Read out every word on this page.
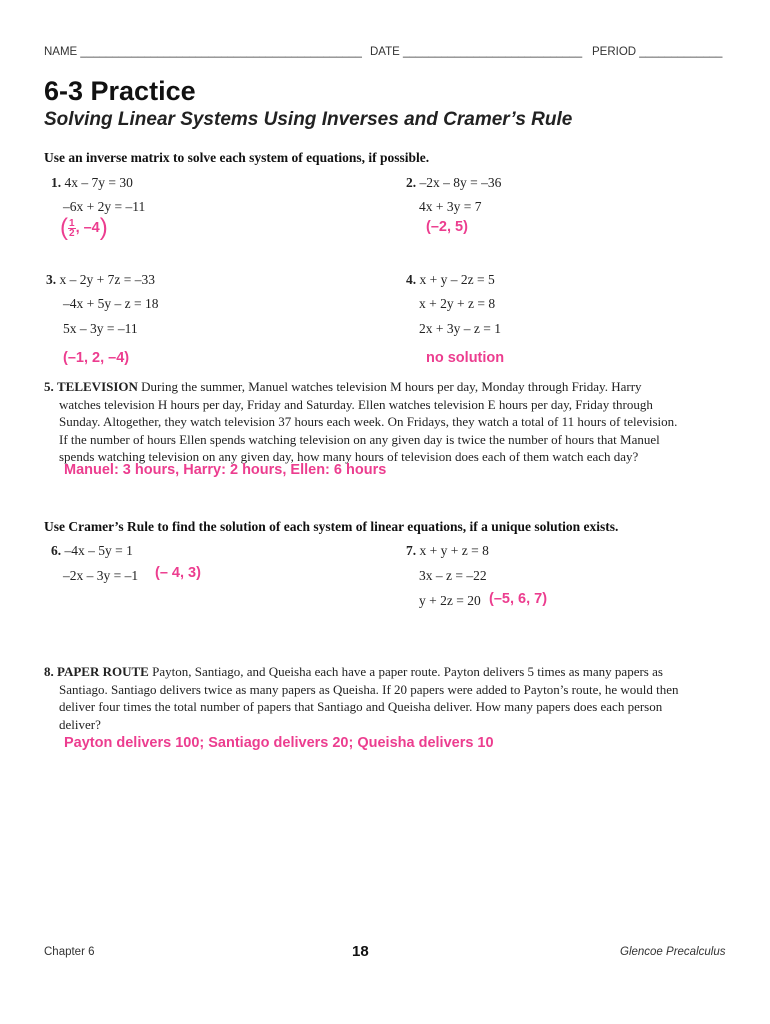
NAME ____________________________________________ DATE ____________________________ PERIOD _____________
6-3 Practice
Solving Linear Systems Using Inverses and Cramer’s Rule
Use an inverse matrix to solve each system of equations, if possible.
1. 4x – 7y = 30
–6x + 2y = –11
( $\frac{1}{2}$ , –4)
2. –2x – 8y = –36
4x + 3y = 7
(–2, 5)
3. x – 2y + 7z = –33
–4x + 5y – z = 18
5x – 3y = –11
(–1, 2, –4)
4. x + y – 2z = 5
x + 2y + z = 8
2x + 3y – z = 1
no solution
5. TELEVISION During the summer, Manuel watches television M hours per day, Monday through Friday. Harry
watches television H hours per day, Friday and Saturday. Ellen watches television E hours per day, Friday through
Sunday. Altogether, they watch television 37 hours each week. On Fridays, they watch a total of 11 hours of television.
If the number of hours Ellen spends watching television on any given day is twice the number of hours that Manuel
spends watching television on any given day, how many hours of television does each of them watch each day?
Manuel: 3 hours, Harry: 2 hours, Ellen: 6 hours
Use Cramer’s Rule to find the solution of each system of linear equations, if a unique solution exists.
6. –4x – 5y = 1
–2x – 3y = –1 (– 4, 3)
7. x + y + z = 8
3x – z = –22
y + 2z = 20 (–5, 6, 7)
8. PAPER ROUTE Payton, Santiago, and Queisha each have a paper route. Payton delivers 5 times as many papers as
Santiago. Santiago delivers twice as many papers as Queisha. If 20 papers were added to Payton’s route, he would then
deliver four times the total number of papers that Santiago and Queisha deliver. How many papers does each person
deliver?
Payton delivers 100; Santiago delivers 20; Queisha delivers 10
Chapter 6	18	Glencoe Precalculus
